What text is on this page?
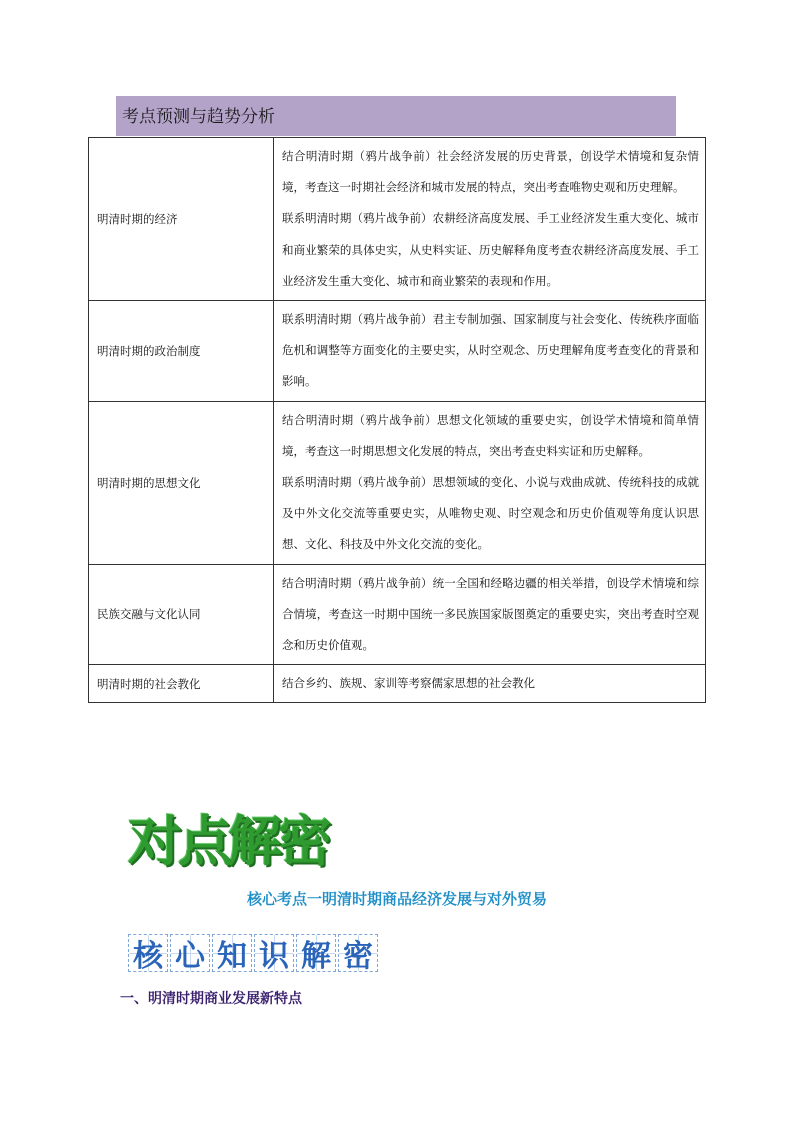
考点预测与趋势分析
明清时期的经济	结合明清时期（鸦片战争前）社会经济发展的历史背景，创设学术情境和复杂情境，考查这一时期社会经济和城市发展的特点，突出考查唯物史观和历史理解。

联系明清时期（鸦片战争前）农耕经济高度发展、手工业经济发生重大变化、城市和商业繁荣的具体史实，从史料实证、历史解释角度考查农耕经济高度发展、手工业经济发生重大变化、城市和商业繁荣的表现和作用。

明清时期的政治制度	联系明清时期（鸦片战争前）君主专制加强、国家制度与社会变化、传统秩序面临危机和调整等方面变化的主要史实，从时空观念、历史理解角度考查变化的背景和影响。

明清时期的思想文化	结合明清时期（鸦片战争前）思想文化领域的重要史实，创设学术情境和简单情境，考查这一时期思想文化发展的特点，突出考查史料实证和历史解释。

联系明清时期（鸦片战争前）思想领域的变化、小说与戏曲成就、传统科技的成就及中外文化交流等重要史实，从唯物史观、时空观念和历史价值观等角度认识思想、文化、科技及中外文化交流的变化。

民族交融与文化认同	结合明清时期（鸦片战争前）统一全国和经略边疆的相关举措，创设学术情境和综合情境，考查这一时期中国统一多民族国家版图奠定的重要史实，突出考查时空观念和历史价值观。

明清时期的社会教化	结合乡约、族规、家训等考察儒家思想的社会教化

对点解密
核心考点一明清时期商品经济发展与对外贸易
核 心 知 识 解 密
一、明清时期商业发展新特点
